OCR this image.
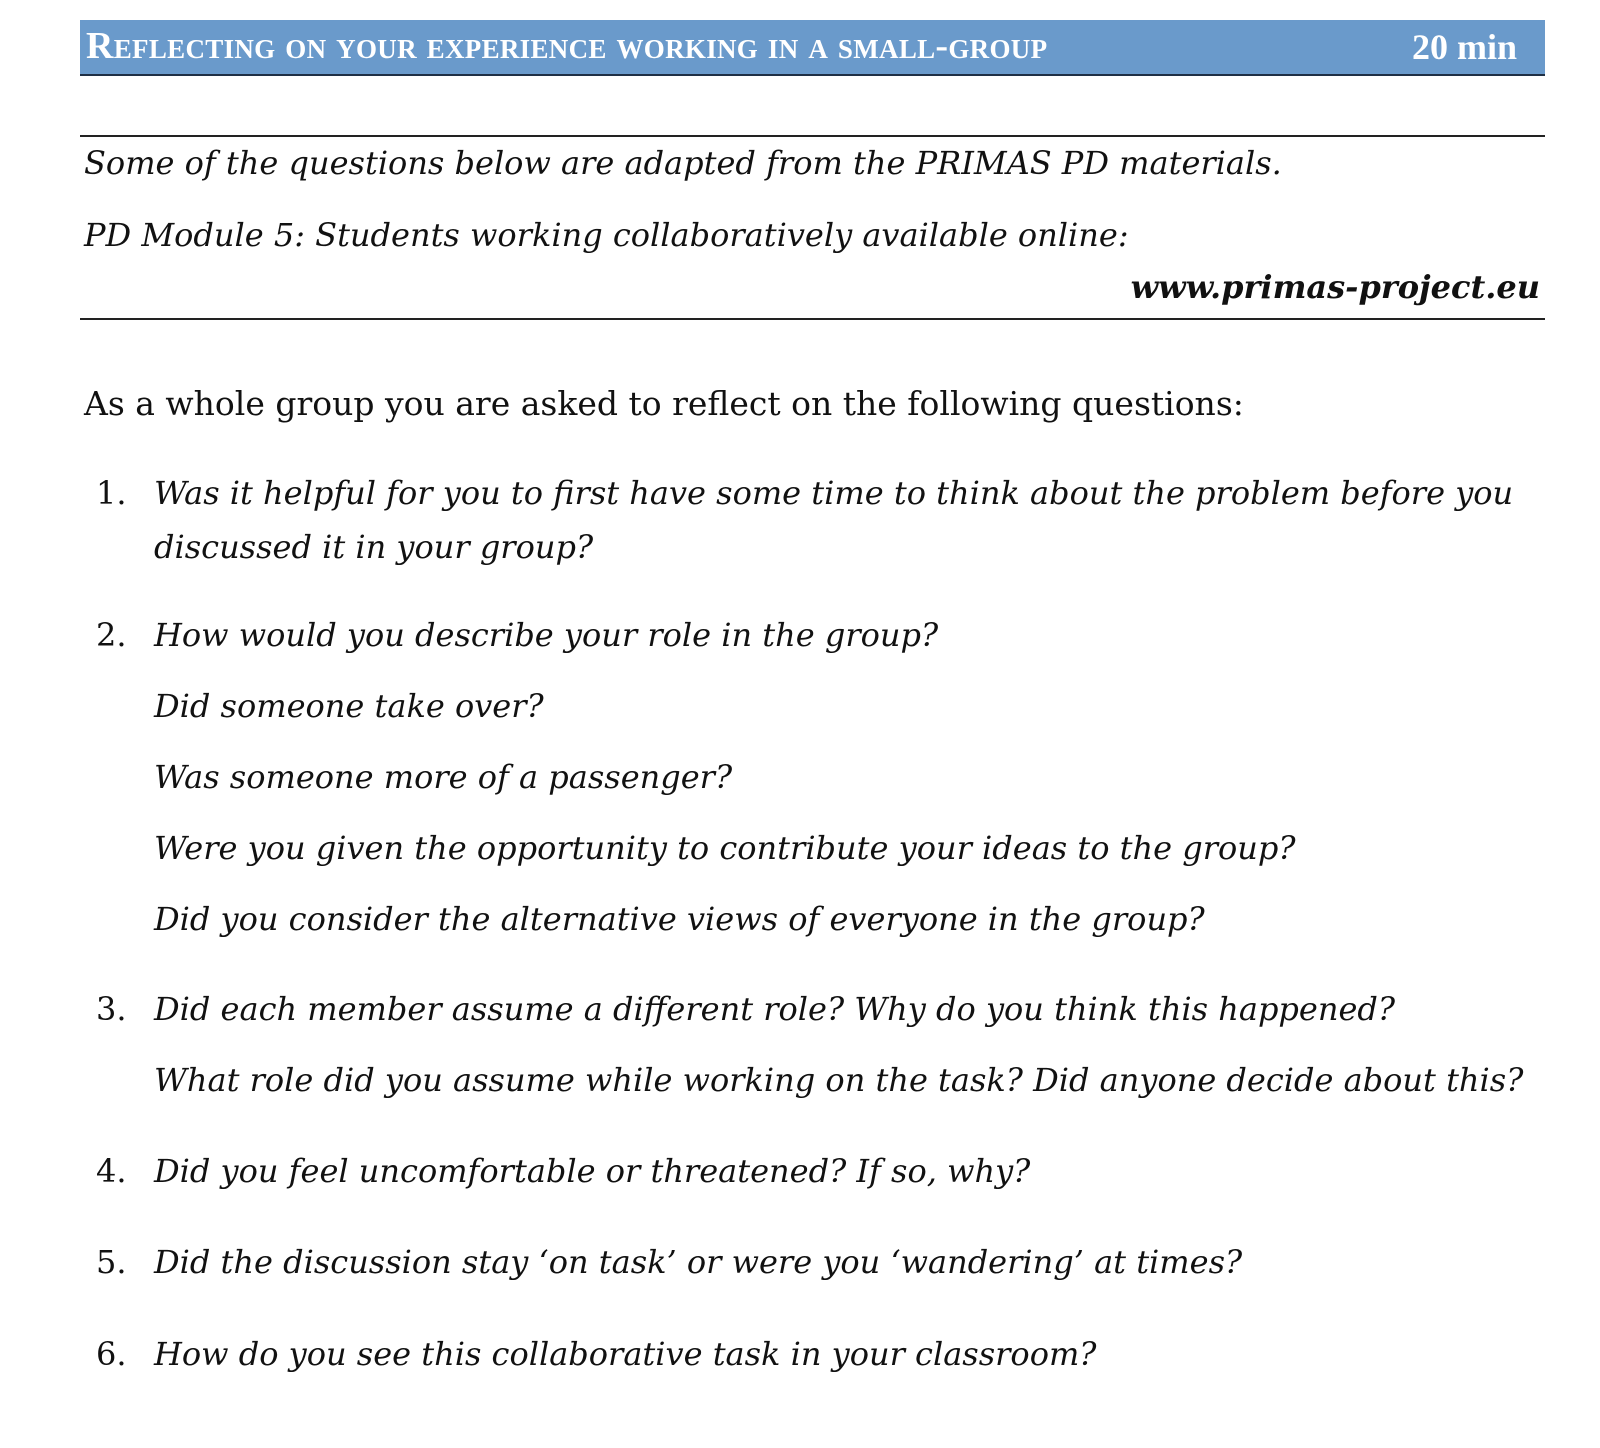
Reflecting on your experience working in a small-group	20 min
Some of the questions below are adapted from the PRIMAS PD materials.
PD Module 5: Students working collaboratively available online:
www.primas-project.eu
As a whole group you are asked to reflect on the following questions:
1. Was it helpful for you to first have some time to think about the problem before you
discussed it in your group?
2. How would you describe your role in the group?
Did someone take over?
Was someone more of a passenger?
Were you given the opportunity to contribute your ideas to the group?
Did you consider the alternative views of everyone in the group?
3. Did each member assume a different role? Why do you think this happened?
What role did you assume while working on the task? Did anyone decide about this?
4. Did you feel uncomfortable or threatened? If so, why?
5. Did the discussion stay ‘on task’ or were you ‘wandering’ at times?
6. How do you see this collaborative task in your classroom?
